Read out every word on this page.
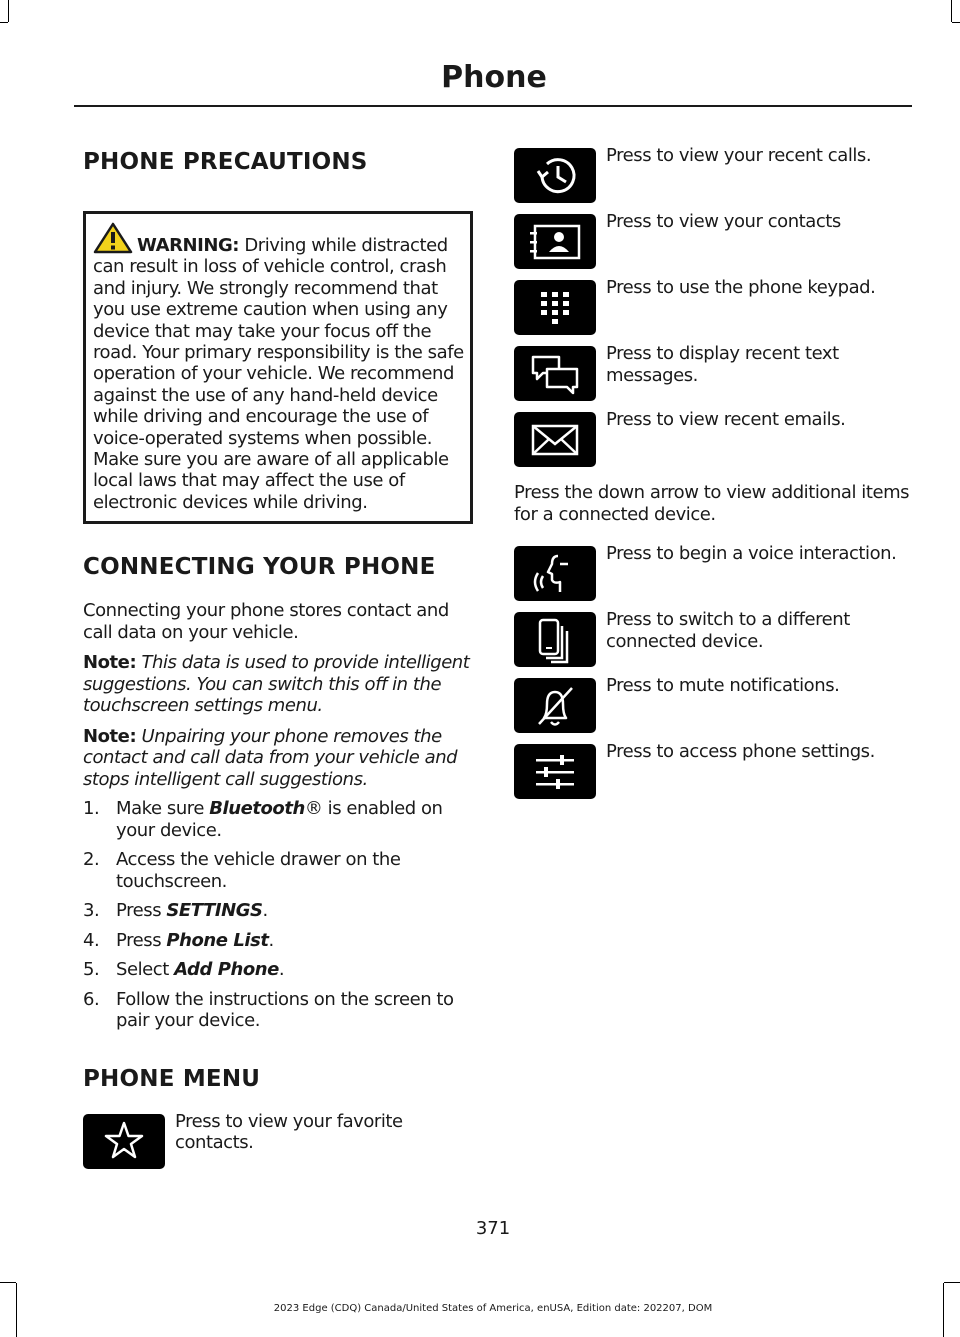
Phone
PHONE PRECAUTIONS

WARNING: Driving while distracted can result in loss of vehicle control, crash and injury. We strongly recommend that you use extreme caution when using any device that may take your focus off the road. Your primary responsibility is the safe operation of your vehicle. We recommend against the use of any hand-held device while driving and encourage the use of voice-operated systems when possible. Make sure you are aware of all applicable local laws that may affect the use of electronic devices while driving.

CONNECTING YOUR PHONE

Connecting your phone stores contact and call data on your vehicle.

Note: This data is used to provide intelligent suggestions. You can switch this off in the touchscreen settings menu.

Note: Unpairing your phone removes the contact and call data from your vehicle and stops intelligent call suggestions.

1. Make sure Bluetooth® is enabled on your device.
2. Access the vehicle drawer on the touchscreen.
3. Press SETTINGS.
4. Press Phone List.
5. Select Add Phone.
6. Follow the instructions on the screen to pair your device.
PHONE MENU
Press to view your favorite contacts.
Press to view your recent calls.
Press to view your contacts
Press to use the phone keypad.
Press to display recent text messages.
Press to view recent emails.

Press the down arrow to view additional items for a connected device.

Press to begin a voice interaction.
Press to switch to a different connected device.
Press to mute notifications.
Press to access phone settings.
371
2023 Edge (CDQ) Canada/United States of America, enUSA, Edition date: 202207, DOM
